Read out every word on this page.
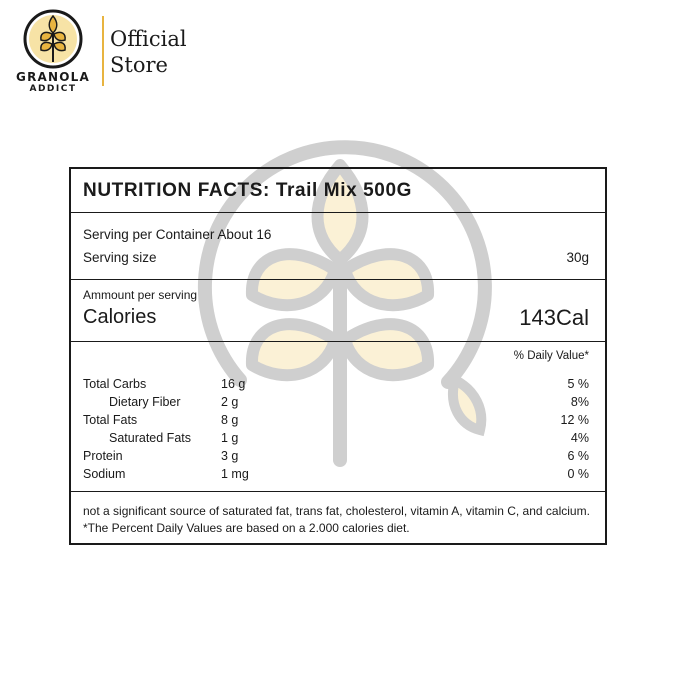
GRANOLA
ADDICT
Official
Store
NUTRITION FACTS: Trail Mix 500G
Serving per Container About 16
Serving size	30g
Ammount per serving
Calories	143Cal
% Daily Value*
Total Carbs	16 g	5 %
Dietary Fiber	2 g	8%
Total Fats	8 g	12 %
Saturated Fats 1 g	4%
Protein	3 g	6 %
Sodium	1 mg	0 %
not a significant source of saturated fat, trans fat, cholesterol, vitamin A, vitamin C, and calcium. *The Percent Daily Values are based on a 2.000 calories diet.
